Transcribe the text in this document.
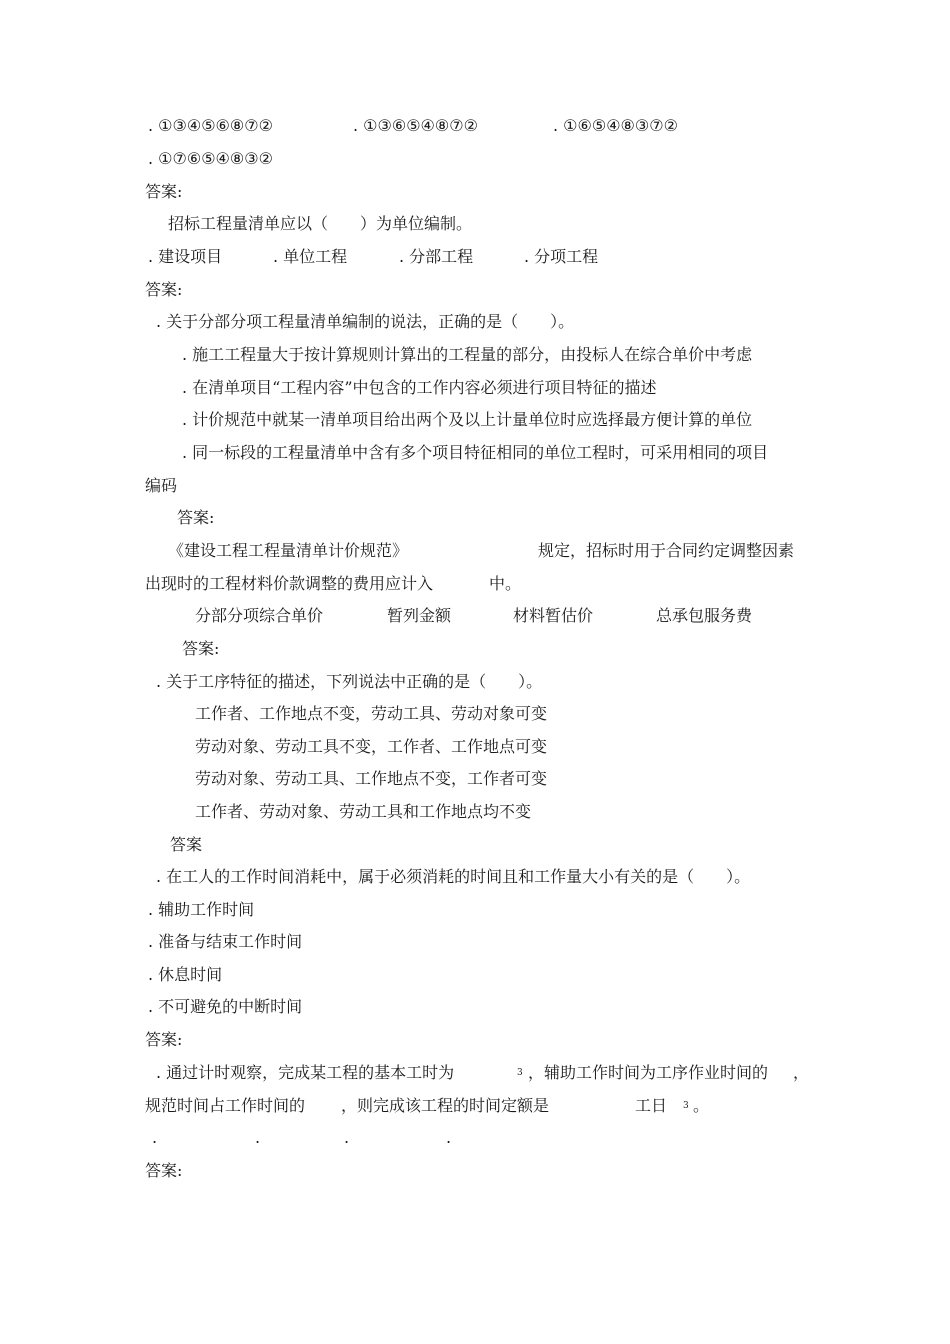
. ①③④⑤⑥⑧⑦②	. ①③⑥⑤④⑧⑦②	. ①⑥⑤④⑧③⑦②
. ①⑦⑥⑤④⑧③②
答案:
招标工程量清单应以（　　）为单位编制。
. 建设项目	. 单位工程	. 分部工程	. 分项工程
答案:
. 关于分部分项工程量清单编制的说法，正确的是（　　）。
. 施工工程量大于按计算规则计算出的工程量的部分，由投标人在综合单价中考虑
. 在清单项目“工程内容”中包含的工作内容必须进行项目特征的描述
. 计价规范中就某一清单项目给出两个及以上计量单位时应选择最方便计算的单位
. 同一标段的工程量清单中含有多个项目特征相同的单位工程时，可采用相同的项目
编码
答案:
《建设工程工程量清单计价规范》	规定，招标时用于合同约定调整因素
出现时的工程材料价款调整的费用应计入	中。
分部分项综合单价	暂列金额	材料暂估价	总承包服务费
答案:
. 关于工序特征的描述，下列说法中正确的是（　　）。
工作者、工作地点不变，劳动工具、劳动对象可变
劳动对象、劳动工具不变，工作者、工作地点可变
劳动对象、劳动工具、工作地点不变，工作者可变
工作者、劳动对象、劳动工具和工作地点均不变
答案
. 在工人的工作时间消耗中，属于必须消耗的时间且和工作量大小有关的是（　　）。
. 辅助工作时间
. 准备与结束工作时间
. 休息时间
. 不可避免的中断时间
答案:
. 通过计时观察，完成某工程的基本工时为	$^3$ ，辅助工作时间为工序作业时间的 ，
规范时间占工作时间的 ，则完成该工程的时间定额是	工日 $^3$ 。
.	.	.	.
答案:
